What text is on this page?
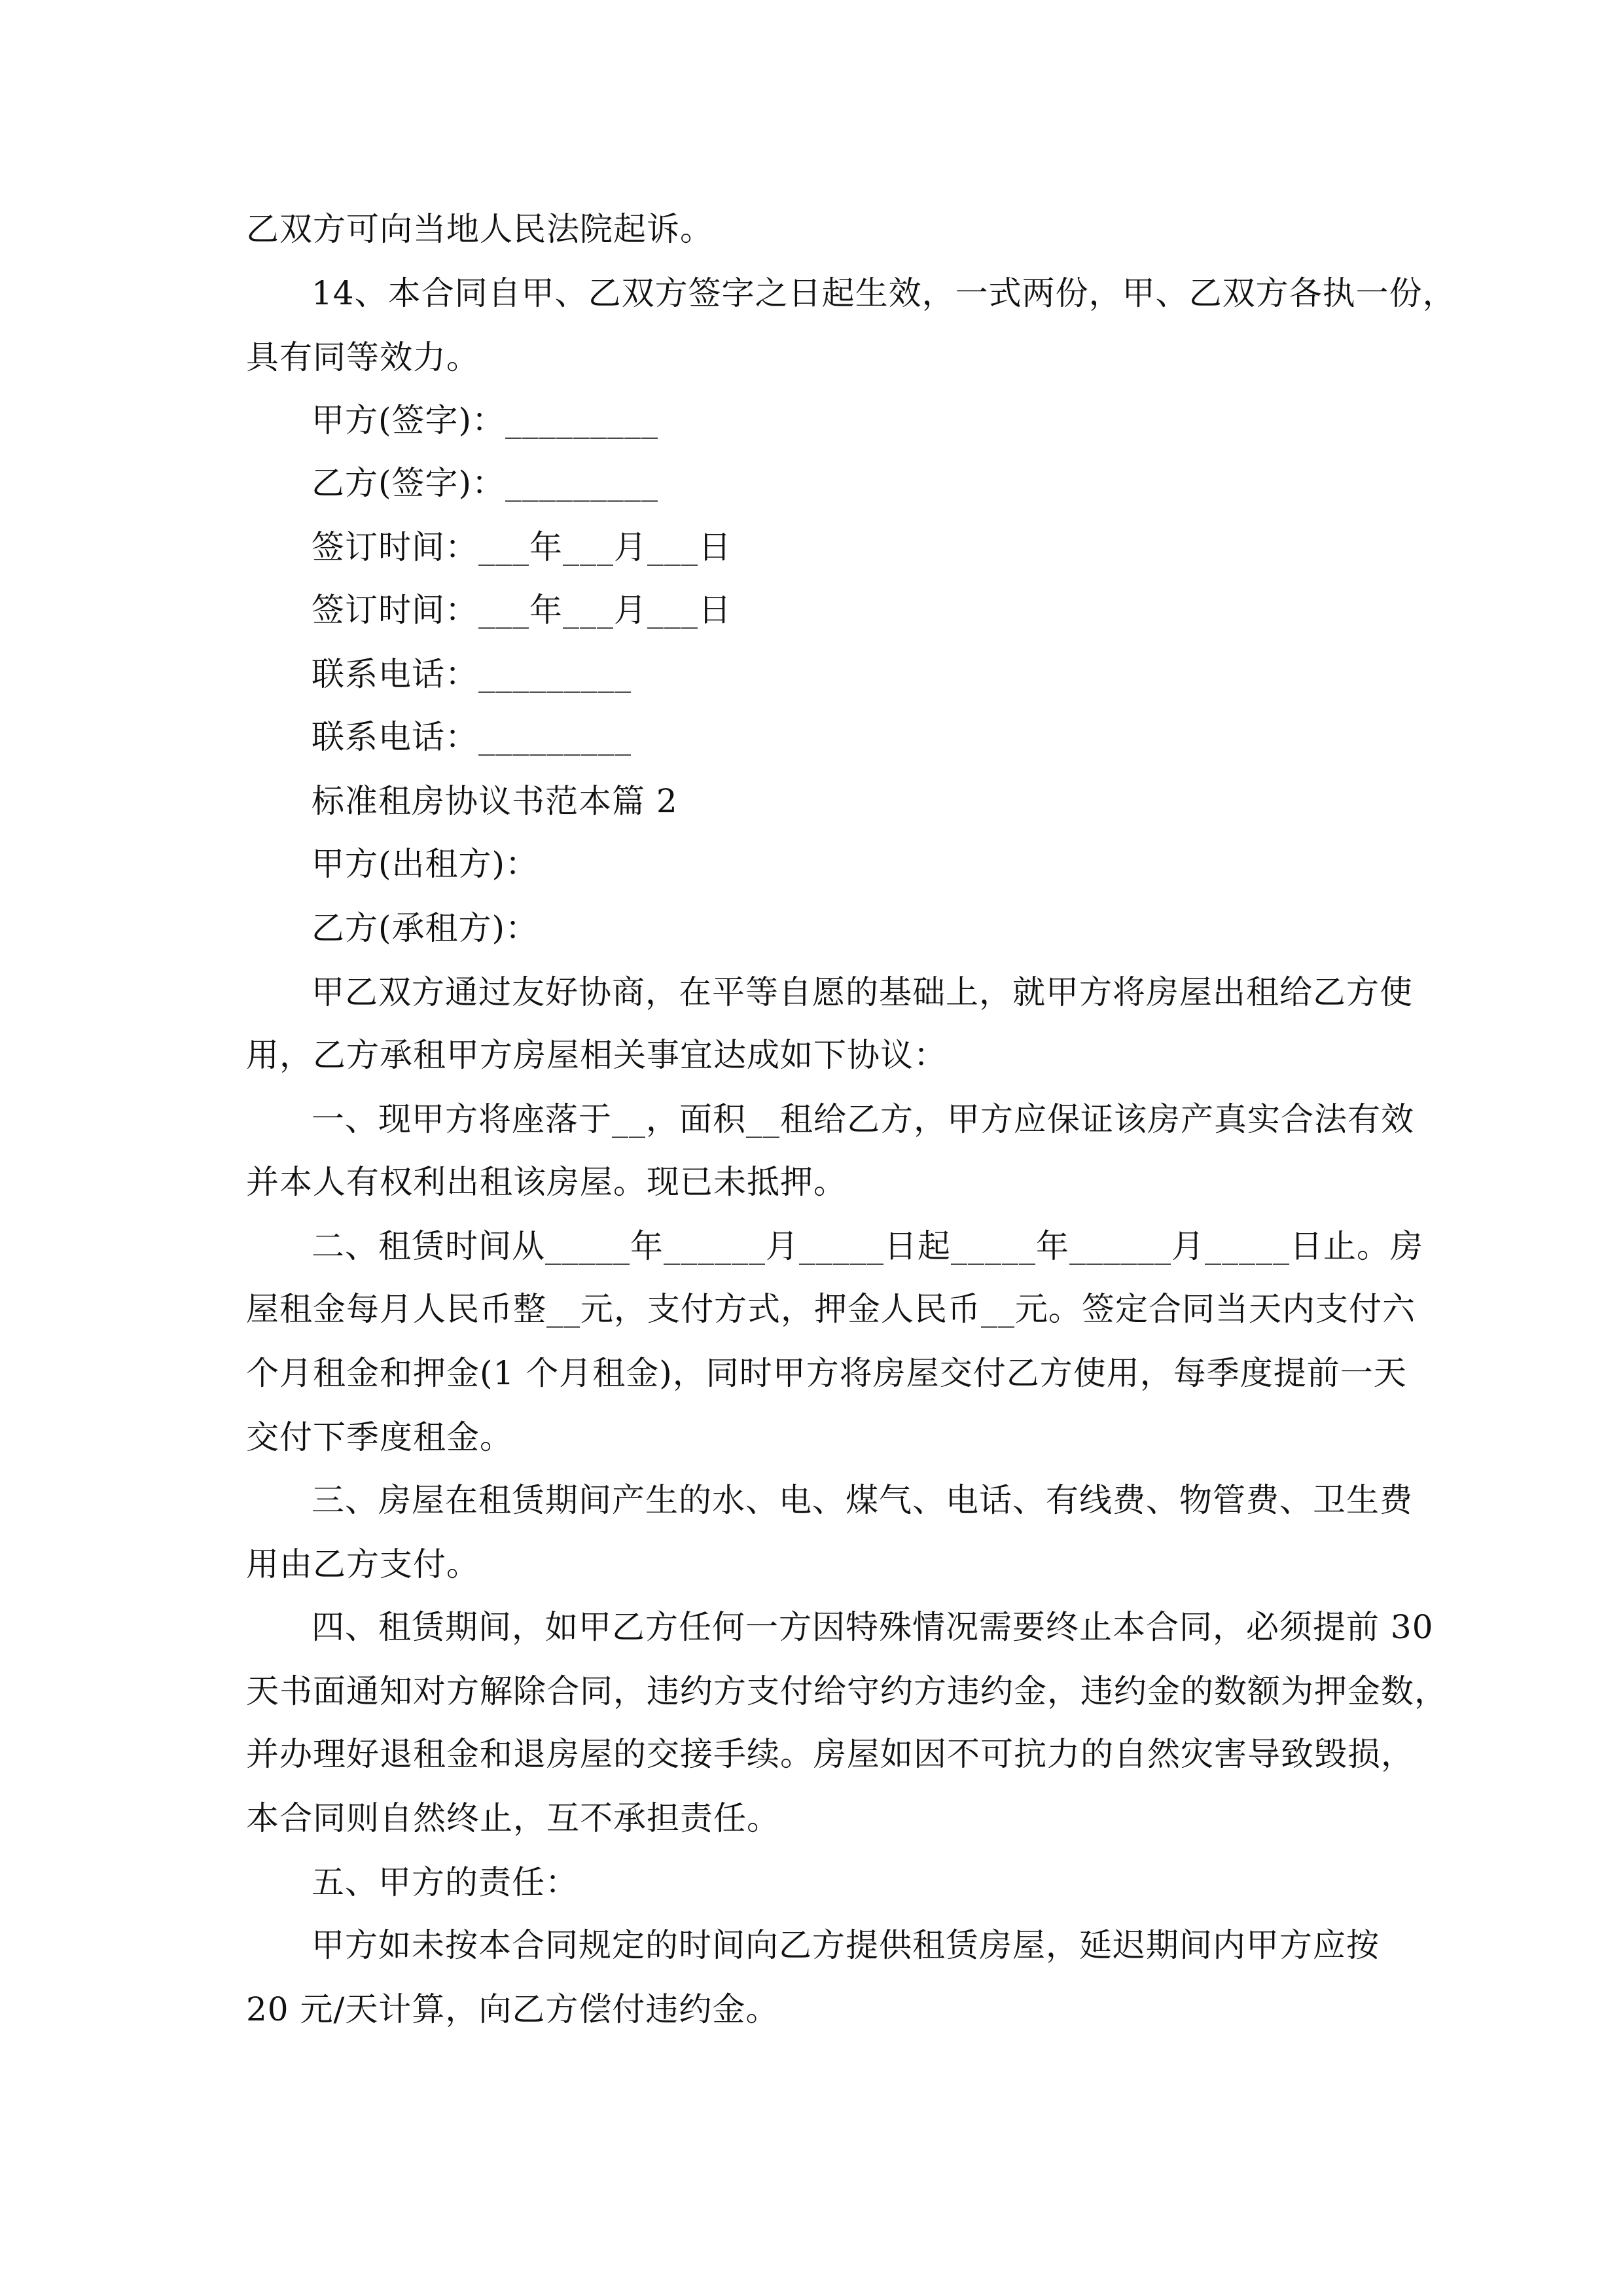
乙双方可向当地人民法院起诉。
14、本合同自甲、乙双方签字之日起生效，一式两份，甲、乙双方各执一份，
具有同等效力。
甲方(签字)：_________
乙方(签字)：_________
签订时间：___年___月___日
签订时间：___年___月___日
联系电话：_________
联系电话：_________
标准租房协议书范本篇 2
甲方(出租方)：
乙方(承租方)：
甲乙双方通过友好协商，在平等自愿的基础上，就甲方将房屋出租给乙方使
用，乙方承租甲方房屋相关事宜达成如下协议：
一、现甲方将座落于__，面积__租给乙方，甲方应保证该房产真实合法有效
并本人有权利出租该房屋。现已未抵押。
二、租赁时间从_____年______月_____日起_____年______月_____日止。房
屋租金每月人民币整__元，支付方式，押金人民币__元。签定合同当天内支付六
个月租金和押金(1 个月租金)，同时甲方将房屋交付乙方使用，每季度提前一天
交付下季度租金。
三、房屋在租赁期间产生的水、电、煤气、电话、有线费、物管费、卫生费
用由乙方支付。
四、租赁期间，如甲乙方任何一方因特殊情况需要终止本合同，必须提前 30
天书面通知对方解除合同，违约方支付给守约方违约金，违约金的数额为押金数，
并办理好退租金和退房屋的交接手续。房屋如因不可抗力的自然灾害导致毁损，
本合同则自然终止，互不承担责任。
五、甲方的责任：
甲方如未按本合同规定的时间向乙方提供租赁房屋，延迟期间内甲方应按
20 元/天计算，向乙方偿付违约金。
